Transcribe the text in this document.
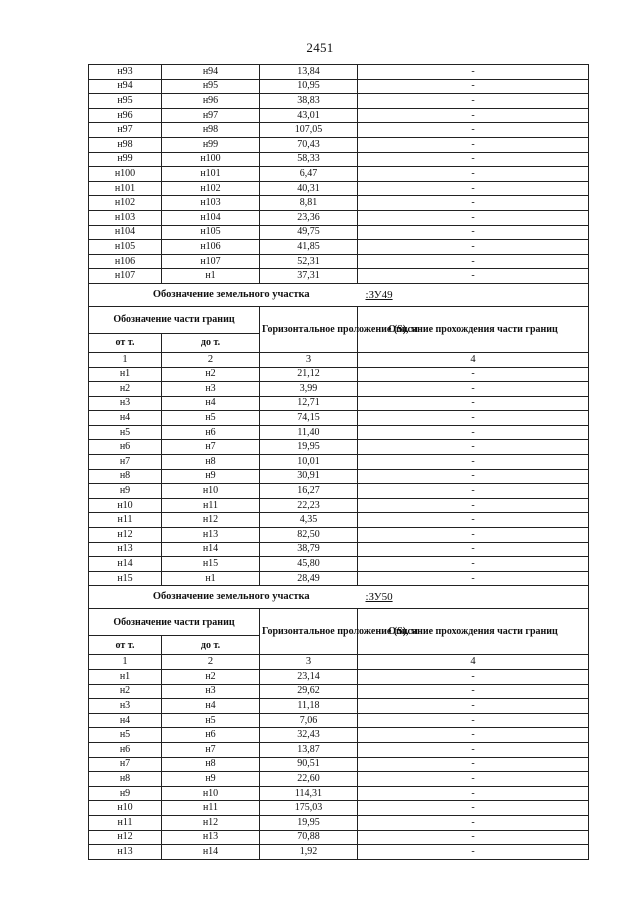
2451
н93	н94	13,84	-
н94	н95	10,95	-
н95	н96	38,83	-
н96	н97	43,01	-
н97	н98	107,05	-
н98	н99	70,43	-
н99	н100	58,33	-
н100	н101	6,47	-
н101	н102	40,31	-
н102	н103	8,81	-
н103	н104	23,36	-
н104	н105	49,75	-
н105	н106	41,85	-
н106	н107	52,31	-
н107	н1	37,31	-
Обозначение земельного участка			:ЗУ49
Обозначение части границ		Горизонтальное проложение (S), м	Описание прохождения части границ
от т.	до т.		
1	2	3	4
н1	н2	21,12	-
н2	н3	3,99	-
н3	н4	12,71	-
н4	н5	74,15	-
н5	н6	11,40	-
н6	н7	19,95	-
н7	н8	10,01	-
н8	н9	30,91	-
н9	н10	16,27	-
н10	н11	22,23	-
н11	н12	4,35	-
н12	н13	82,50	-
н13	н14	38,79	-
н14	н15	45,80	-
н15	н1	28,49	-
Обозначение земельного участка			:ЗУ50
Обозначение части границ		Горизонтальное проложение (S), м	Описание прохождения части границ
от т.	до т.		
1	2	3	4
н1	н2	23,14	-
н2	н3	29,62	-
н3	н4	11,18	-
н4	н5	7,06	-
н5	н6	32,43	-
н6	н7	13,87	-
н7	н8	90,51	-
н8	н9	22,60	-
н9	н10	114,31	-
н10	н11	175,03	-
н11	н12	19,95	-
н12	н13	70,88	-
н13	н14	1,92	-
